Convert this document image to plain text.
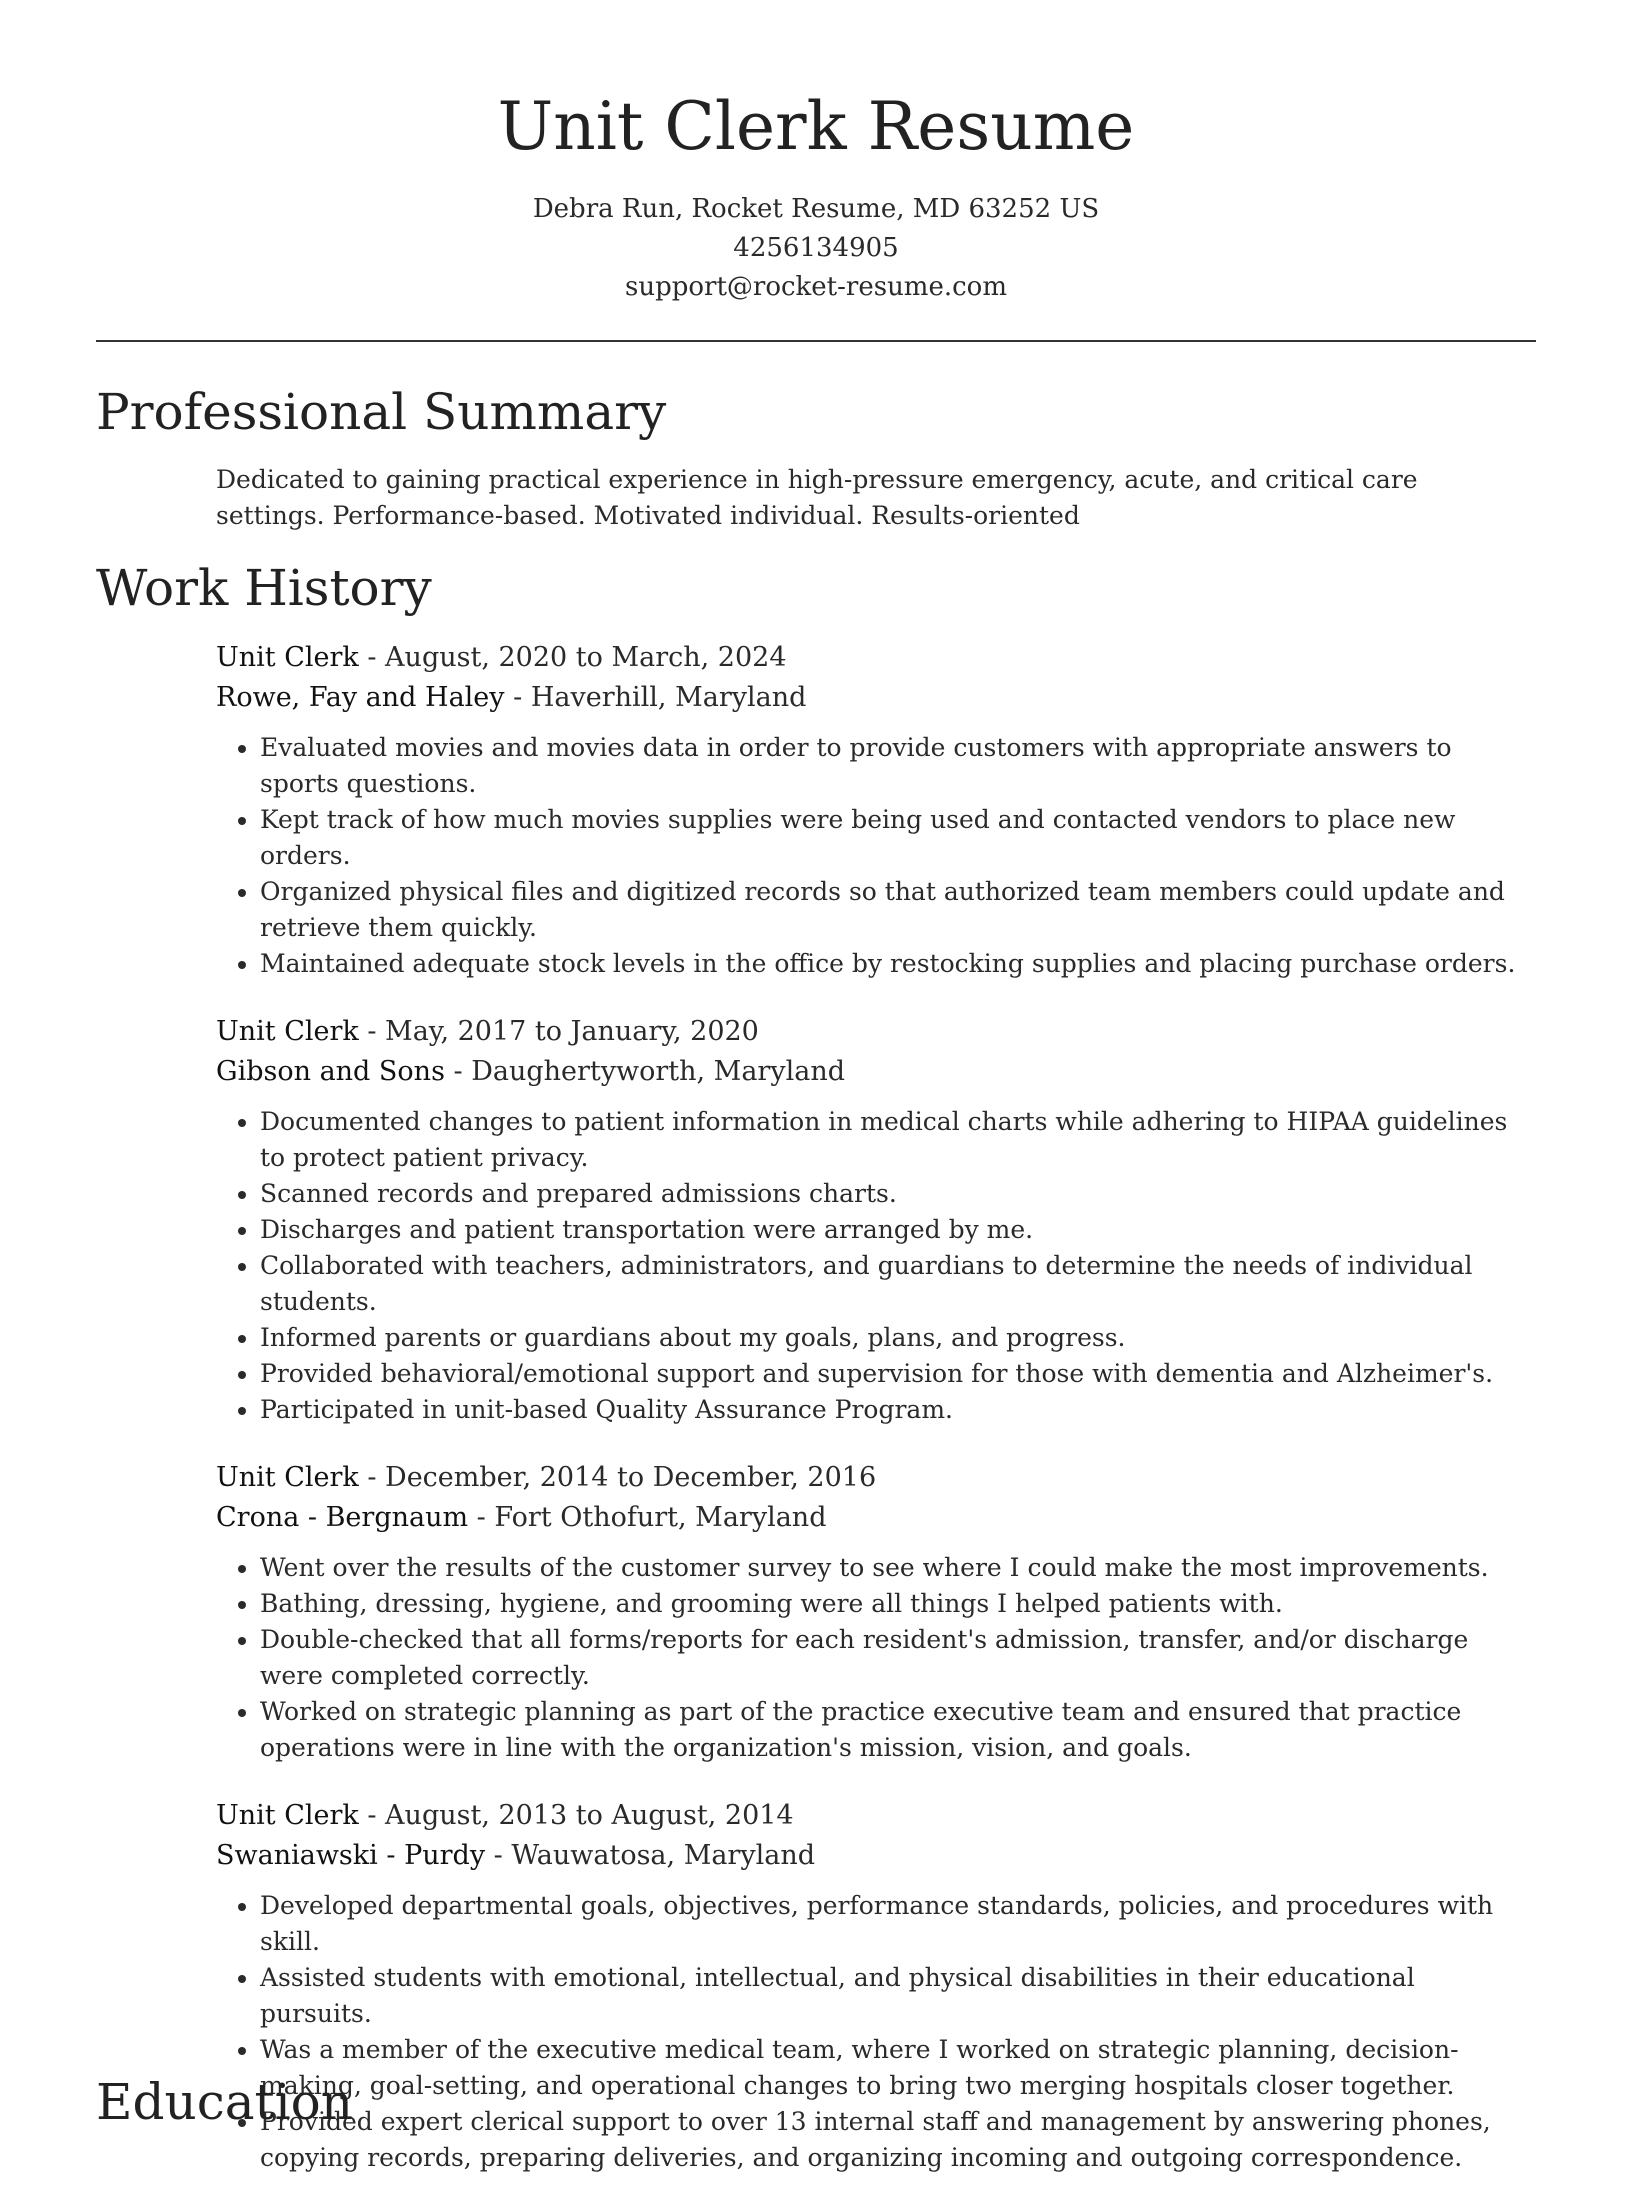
Unit Clerk Resume
Debra Run, Rocket Resume, MD 63252 US
4256134905
support@rocket-resume.com
Professional Summary

Dedicated to gaining practical experience in high-pressure emergency, acute, and critical care settings. Performance-based. Motivated individual. Results-oriented

Work History
Unit Clerk - August, 2020 to March, 2024
Rowe, Fay and Haley - Haverhill, Maryland
• Evaluated movies and movies data in order to provide customers with appropriate answers to sports questions.
• Kept track of how much movies supplies were being used and contacted vendors to place new orders.
• Organized physical files and digitized records so that authorized team members could update and retrieve them quickly.
• Maintained adequate stock levels in the office by restocking supplies and placing purchase orders.
Unit Clerk - May, 2017 to January, 2020
Gibson and Sons - Daughertyworth, Maryland
• Documented changes to patient information in medical charts while adhering to HIPAA guidelines to protect patient privacy.
• Scanned records and prepared admissions charts.
• Discharges and patient transportation were arranged by me.
• Collaborated with teachers, administrators, and guardians to determine the needs of individual students.
• Informed parents or guardians about my goals, plans, and progress.
• Provided behavioral/emotional support and supervision for those with dementia and Alzheimer's.
• Participated in unit-based Quality Assurance Program.
Unit Clerk - December, 2014 to December, 2016
Crona - Bergnaum - Fort Othofurt, Maryland
• Went over the results of the customer survey to see where I could make the most improvements.
• Bathing, dressing, hygiene, and grooming were all things I helped patients with.
• Double-checked that all forms/reports for each resident's admission, transfer, and/or discharge were completed correctly.
• Worked on strategic planning as part of the practice executive team and ensured that practice operations were in line with the organization's mission, vision, and goals.
Unit Clerk - August, 2013 to August, 2014
Swaniawski - Purdy - Wauwatosa, Maryland
• Developed departmental goals, objectives, performance standards, policies, and procedures with skill.
• Assisted students with emotional, intellectual, and physical disabilities in their educational pursuits.
• Was a member of the executive medical team, where I worked on strategic planning, decision-making, goal-setting, and operational changes to bring two merging hospitals closer together.
• Provided expert clerical support to over 13 internal staff and management by answering phones, copying records, preparing deliveries, and organizing incoming and outgoing correspondence.
Education
